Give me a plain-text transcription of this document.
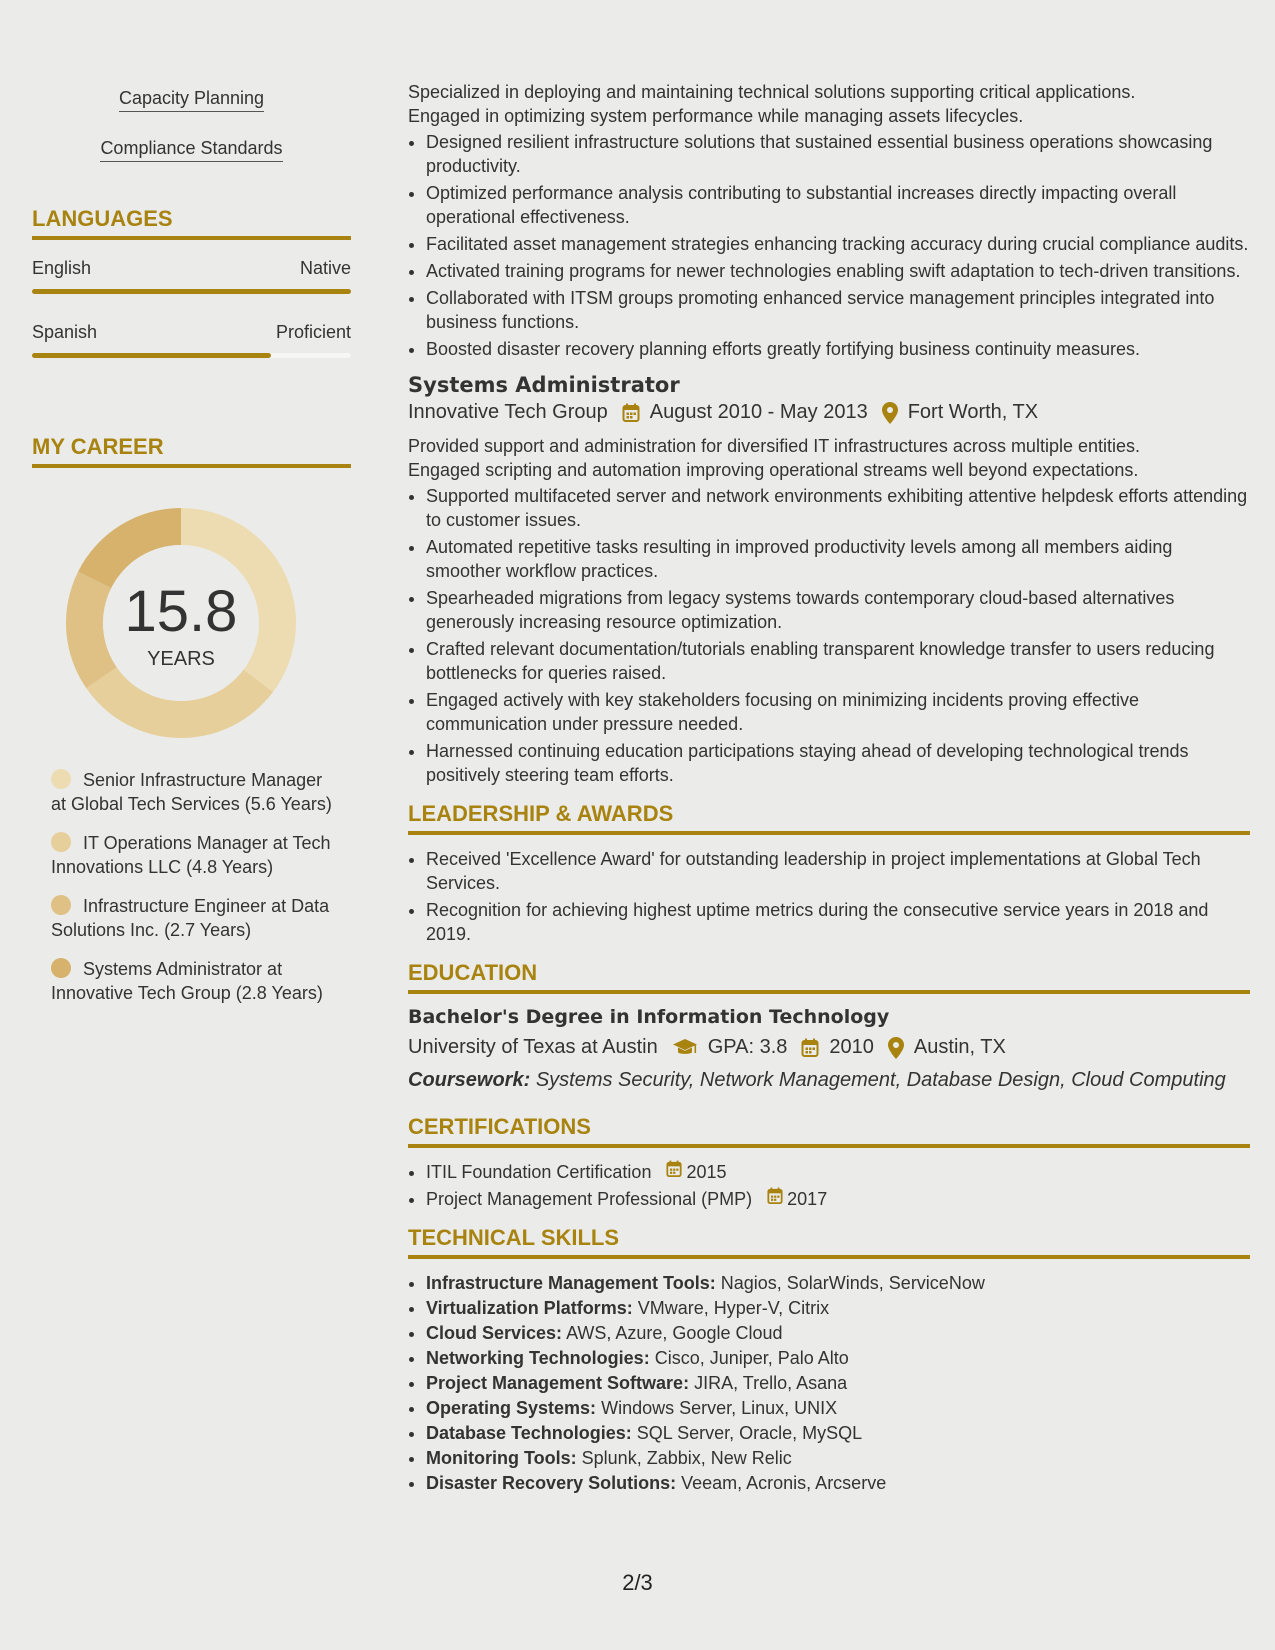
Capacity Planning
Compliance Standards
LANGUAGES
English	Native
Spanish	Proficient
MY CAREER
15.8
YEARS
Senior Infrastructure Manager at Global Tech Services (5.6 Years)
IT Operations Manager at Tech Innovations LLC (4.8 Years)
Infrastructure Engineer at Data Solutions Inc. (2.7 Years)
Systems Administrator at Innovative Tech Group (2.8 Years)

Specialized in deploying and maintaining technical solutions supporting critical applications.

Engaged in optimizing system performance while managing assets lifecycles.

• Designed resilient infrastructure solutions that sustained essential business operations showcasing productivity.
• Optimized performance analysis contributing to substantial increases directly impacting overall operational effectiveness.
• Facilitated asset management strategies enhancing tracking accuracy during crucial compliance audits.
• Activated training programs for newer technologies enabling swift adaptation to tech-driven transitions.
• Collaborated with ITSM groups promoting enhanced service management principles integrated into business functions.
• Boosted disaster recovery planning efforts greatly fortifying business continuity measures.
Systems Administrator
Innovative Tech Group August 2010 - May 2013 Fort Worth, TX

Provided support and administration for diversified IT infrastructures across multiple entities.

Engaged scripting and automation improving operational streams well beyond expectations.

• Supported multifaceted server and network environments exhibiting attentive helpdesk efforts attending to customer issues.
• Automated repetitive tasks resulting in improved productivity levels among all members aiding smoother workflow practices.
• Spearheaded migrations from legacy systems towards contemporary cloud-based alternatives generously increasing resource optimization.
• Crafted relevant documentation/tutorials enabling transparent knowledge transfer to users reducing bottlenecks for queries raised.
• Engaged actively with key stakeholders focusing on minimizing incidents proving effective communication under pressure needed.
• Harnessed continuing education participations staying ahead of developing technological trends positively steering team efforts.
LEADERSHIP & AWARDS
• Received 'Excellence Award' for outstanding leadership in project implementations at Global Tech Services.
• Recognition for achieving highest uptime metrics during the consecutive service years in 2018 and 2019.
EDUCATION
Bachelor's Degree in Information Technology
University of Texas at Austin	GPA: 3.8 2010 Austin, TX
Coursework: Systems Security, Network Management, Database Design, Cloud Computing
CERTIFICATIONS
• ITIL Foundation Certification 2015
• Project Management Professional (PMP) 2017
TECHNICAL SKILLS
• Infrastructure Management Tools: Nagios, SolarWinds, ServiceNow
• Virtualization Platforms: VMware, Hyper-V, Citrix
• Cloud Services: AWS, Azure, Google Cloud
• Networking Technologies: Cisco, Juniper, Palo Alto
• Project Management Software: JIRA, Trello, Asana
• Operating Systems: Windows Server, Linux, UNIX
• Database Technologies: SQL Server, Oracle, MySQL
• Monitoring Tools: Splunk, Zabbix, New Relic
• Disaster Recovery Solutions: Veeam, Acronis, Arcserve
2/3
